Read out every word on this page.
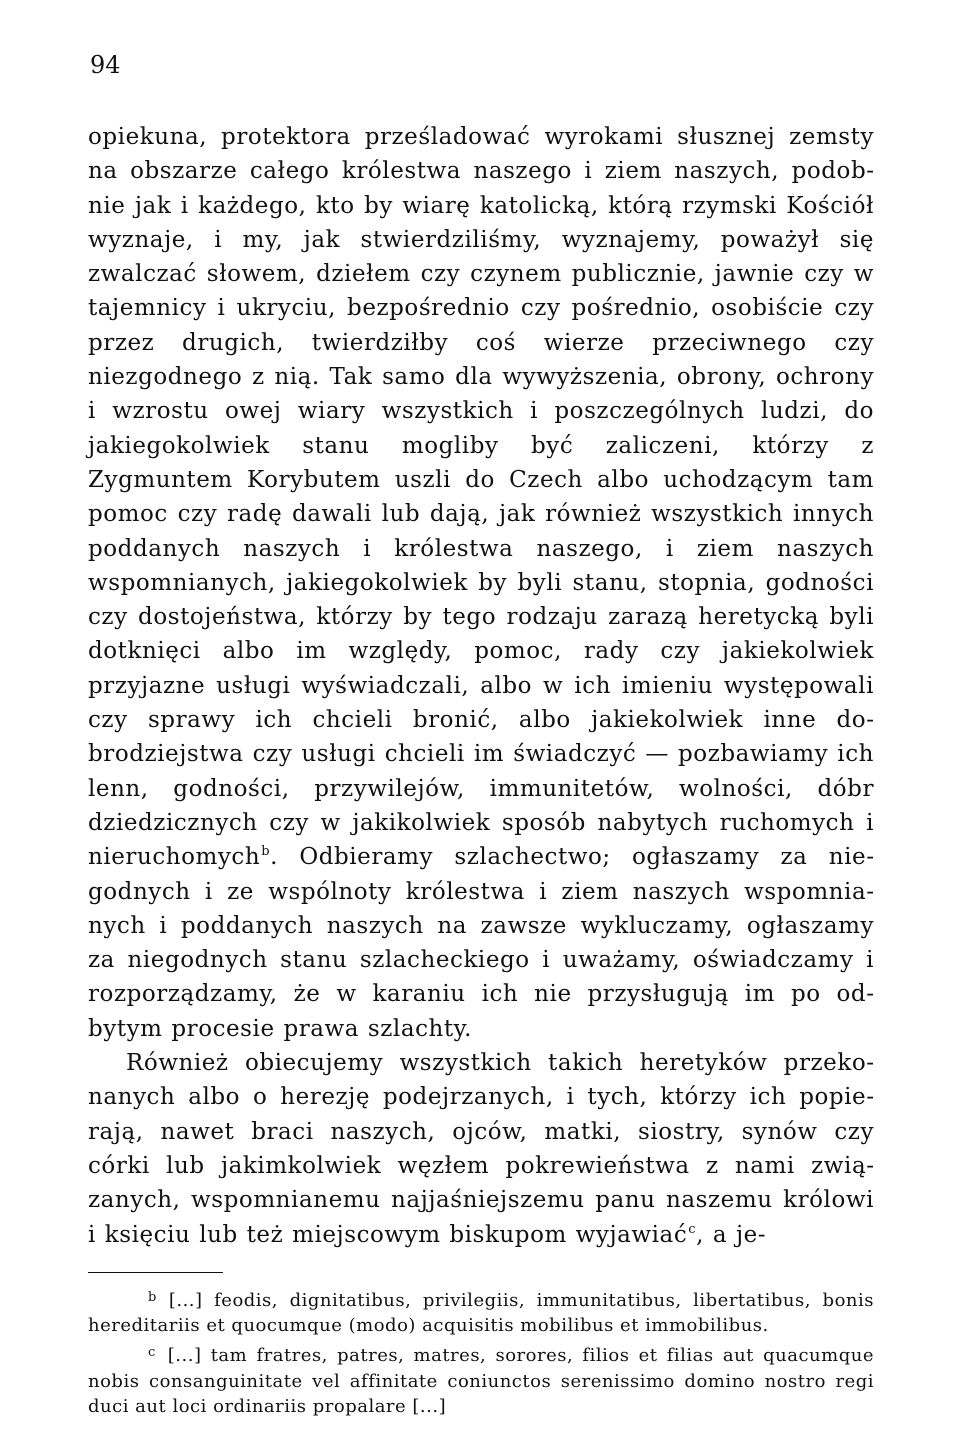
94

opiekuna, protektora prześladować wyrokami słusznej zemsty na obszarze całego królestwa naszego i ziem naszych, podobnie jak i każdego, kto by wiarę katolicką, którą rzymski Kościół wyznaje, i my, jak stwierdziliśmy, wyznajemy, poważył się zwalczać słowem, dziełem czy czynem publicznie, jawnie czy w tajemnicy i ukryciu, bezpośrednio czy pośrednio, osobiście czy przez drugich, twierdziłby coś wierze przeciwnego czy niezgodnego z nią. Tak samo dla wywyższenia, obrony, ochrony i wzrostu owej wiary wszystkich i poszczególnych ludzi, do jakiegokolwiek stanu mogliby być zaliczeni, którzy z Zygmuntem Korybutem uszli do Czech albo uchodzącym tam pomoc czy radę dawali lub dają, jak również wszystkich innych poddanych naszych i królestwa naszego, i ziem naszych wspomnianych, jakiegokolwiek by byli stanu, stopnia, godności czy dostojeństwa, którzy by tego rodzaju zarazą heretycką byli dotknięci albo im względy, pomoc, rady czy jakiekolwiek przyjazne usługi wyświadczali, albo w ich imieniu występowali czy sprawy ich chcieli bronić, albo jakiekolwiek inne dobrodziejstwa czy usługi chcieli im świadczyć — pozbawiamy ich lenn, godności, przywilejów, immunitetów, wolności, dóbr dziedzicznych czy w jakikolwiek sposób nabytych ruchomych i nieruchomych$^b$. Odbieramy szlachectwo; ogłaszamy za niegodnych i ze wspólnoty królestwa i ziem naszych wspomnianych i poddanych naszych na zawsze wykluczamy, ogłaszamy za niegodnych stanu szlacheckiego i uważamy, oświadczamy i rozporządzamy, że w karaniu ich nie przysługują im po odbytym procesie prawa szlachty.

Również obiecujemy wszystkich takich heretyków przekonanych albo o herezję podejrzanych, i tych, którzy ich popierają, nawet braci naszych, ojców, matki, siostry, synów czy córki lub jakimkolwiek węzłem pokrewieństwa z nami związanych, wspomnianemu najjaśniejszemu panu naszemu królowi i księciu lub też miejscowym biskupom wyjawiać$^c$, a je-

b [...] feodis, dignitatibus, privilegiis, immunitatibus, libertatibus, bonis hereditariis et quocumque (modo) acquisitis mobilibus et immobilibus.

c [...] tam fratres, patres, matres, sorores, filios et filias aut quacumque nobis consanguinitate vel affinitate coniunctos serenissimo domino nostro regi duci aut loci ordinariis propalare [...]
